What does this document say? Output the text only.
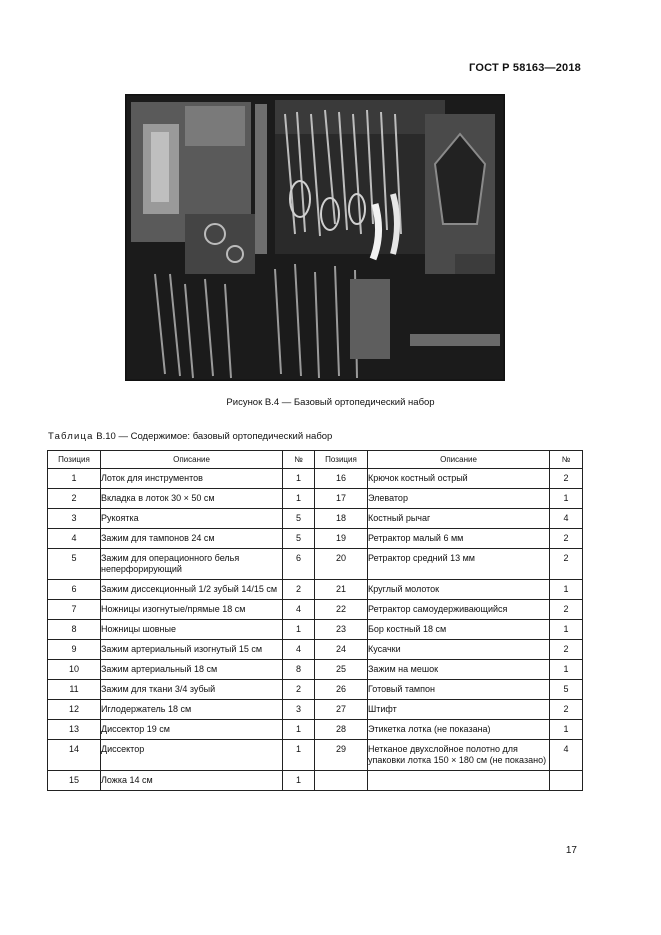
ГОСТ Р 58163—2018
Рисунок В.4 — Базовый ортопедический набор
Таблица В.10 — Содержимое: базовый ортопедический набор
Позиция	Описание	№	Позиция	Описание	№
1	Лоток для инструментов	1	16	Крючок костный острый	2
2	Вкладка в лоток 30 × 50 см	1	17	Элеватор	1
3	Рукоятка	5	18	Костный рычаг	4
4	Зажим для тампонов 24 см	5	19	Ретрактор малый 6 мм	2
5	Зажим для операционного белья неперфорирующий	6	20	Ретрактор средний 13 мм	2
6	Зажим диссекционный 1/2 зубый 14/15 см	2	21	Круглый молоток	1
7	Ножницы изогнутые/прямые 18 см	4	22	Ретрактор самоудерживающийся	2
8	Ножницы шовные	1	23	Бор костный 18 см	1
9	Зажим артериальный изогнутый 15 см	4	24	Кусачки	2
10	Зажим артериальный 18 см	8	25	Зажим на мешок	1
11	Зажим для ткани 3/4 зубый	2	26	Готовый тампон	5
12	Иглодержатель 18 см	3	27	Штифт	2
13	Диссектор 19 см	1	28	Этикетка лотка (не показана)	1
14	Диссектор	1	29	Нетканое двухслойное полотно для упаковки лотка 150 × 180 см (не показано)	4
15	Ложка 14 см	1			
17
